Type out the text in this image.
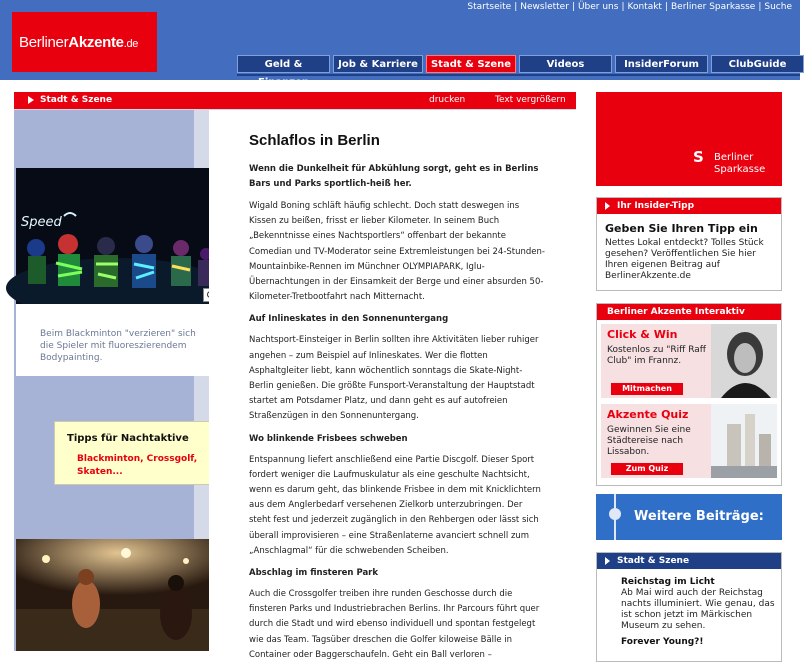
BerlinerAkzente.de
Startseite | Newsletter | Über uns | Kontakt | Berliner Sparkasse | Suche
Geld & Finanzen
Job & Karriere	Stadt & Szene	Videos	InsiderForum	ClubGuide
Stadt & Szene	drucken	Text vergrößern
Speed
Beim Blackminton "verzieren" sich die Spieler mit fluoreszierendem Bodypainting.
Tipps für Nachtaktive
Blackminton, Crossgolf, Skaten...
Schlaflos in Berlin
Wenn die Dunkelheit für Abkühlung sorgt, geht es in Berlins Bars und Parks sportlich-heiß her.
Wigald Boning schläft häufig schlecht. Doch statt deswegen ins Kissen zu beißen, frisst er lieber Kilometer. In seinem Buch „Bekenntnisse eines Nachtsportlers“ offenbart der bekannte Comedian und TV-Moderator seine Extremleistungen bei 24-Stunden-Mountainbike-Rennen im Münchner OLYMPIAPARK, Iglu-Übernachtungen in der Einsamkeit der Berge und einer absurden 50-Kilometer-Tretbootfahrt nach Mitternacht.
Auf Inlineskates in den Sonnenuntergang
Nachtsport-Einsteiger in Berlin sollten ihre Aktivitäten lieber ruhiger angehen – zum Beispiel auf Inlineskates. Wer die flotten Asphaltgleiter liebt, kann wöchentlich sonntags die Skate-Night-Berlin genießen. Die größte Funsport-Veranstaltung der Hauptstadt startet am Potsdamer Platz, und dann geht es auf autofreien Straßenzügen in den Sonnenuntergang.
Wo blinkende Frisbees schweben
Entspannung liefert anschließend eine Partie Discgolf. Dieser Sport fordert weniger die Laufmuskulatur als eine geschulte Nachtsicht, wenn es darum geht, das blinkende Frisbee in dem mit Knicklichtern aus dem Anglerbedarf versehenen Zielkorb unterzubringen. Der steht fest und jederzeit zugänglich in den Rehbergen oder lässt sich überall improvisieren – eine Straßenlaterne avanciert schnell zum „Anschlagmal“ für die schwebenden Scheiben.
Abschlag im finsteren Park
Auch die Crossgolfer treiben ihre runden Geschosse durch die finsteren Parks und Industriebrachen Berlins. Ihr Parcours führt quer durch die Stadt und wird ebenso individuell und spontan festgelegt wie das Team. Tagsüber dreschen die Golfer kiloweise Bälle in Container oder Baggerschaufeln. Geht ein Ball verloren –
S Berliner
Sparkasse
Ihr Insider-Tipp
Geben Sie Ihren Tipp ein
Nettes Lokal entdeckt? Tolles Stück gesehen? Veröffentlichen Sie hier Ihren eigenen Beitrag auf BerlinerAkzente.de
Berliner Akzente Interaktiv
Click & Win
Kostenlos zu "Riff Raff Club" im Frannz.
Mitmachen
Akzente Quiz
Gewinnen Sie eine Städtereise nach Lissabon.
Zum Quiz
Weitere Beiträge:
Stadt & Szene
Reichstag im Licht
Ab Mai wird auch der Reichstag nachts illuminiert. Wie genau, das ist schon jetzt im Märkischen Museum zu sehen.
Forever Young?!
